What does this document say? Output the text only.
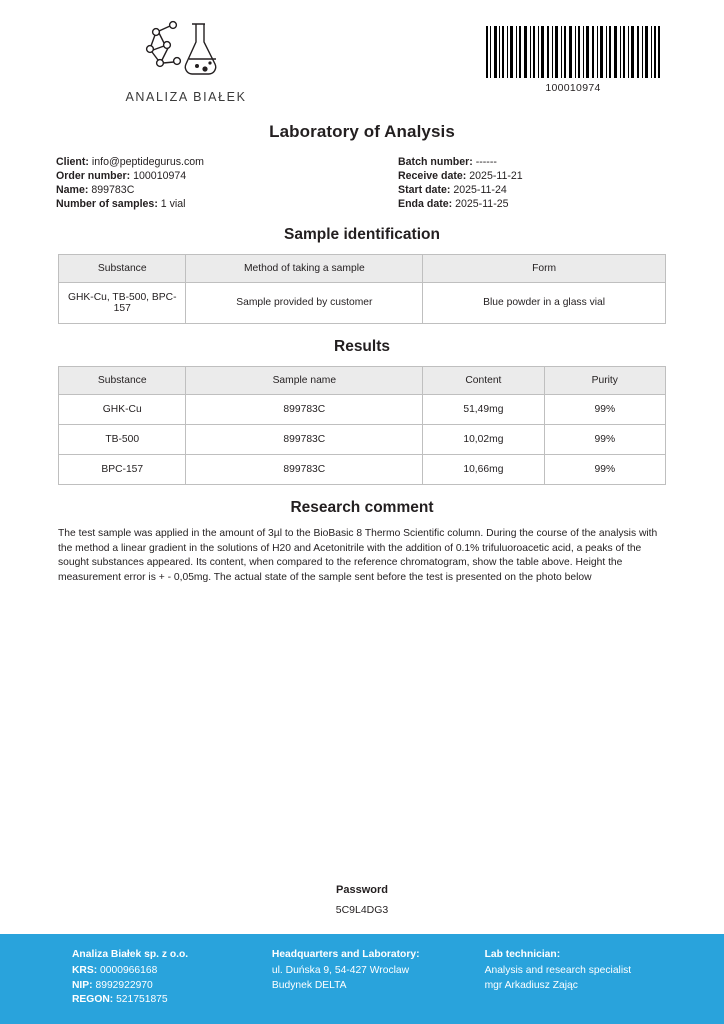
ANALIZA BIAŁEK
100010974
Laboratory of Analysis
Client: info@peptidegurus.com
Order number: 100010974
Name: 899783C
Number of samples: 1 vial
Batch number: ------
Receive date: 2025-11-21
Start date: 2025-11-24
Enda date: 2025-11-25
Sample identification
Substance	Method of taking a sample	Form
GHK-Cu, TB-500, BPC-157	Sample provided by customer	Blue powder in a glass vial
Results
Substance	Sample name	Content	Purity
GHK-Cu	899783C	51,49mg	99%
TB-500	899783C	10,02mg	99%
BPC-157	899783C	10,66mg	99%
Research comment

The test sample was applied in the amount of 3µl to the BioBasic 8 Thermo Scientific column. During the course of the analysis with the method a linear gradient in the solutions of H20 and Acetonitrile with the addition of 0.1% trifuluoroacetic acid, a peaks of the sought substances appeared. Its content, when compared to the reference chromatogram, show the table above. Height the measurement error is + - 0,05mg. The actual state of the sample sent before the test is presented on the photo below

Password
5C9L4DG3
Analiza Białek sp. z o.o.
KRS: 0000966168
NIP: 8992922970
REGON: 521751875
Headquarters and Laboratory:
ul. Duńska 9, 54-427 Wroclaw
Budynek DELTA
Lab technician:
Analysis and research specialist
mgr Arkadiusz Zając
